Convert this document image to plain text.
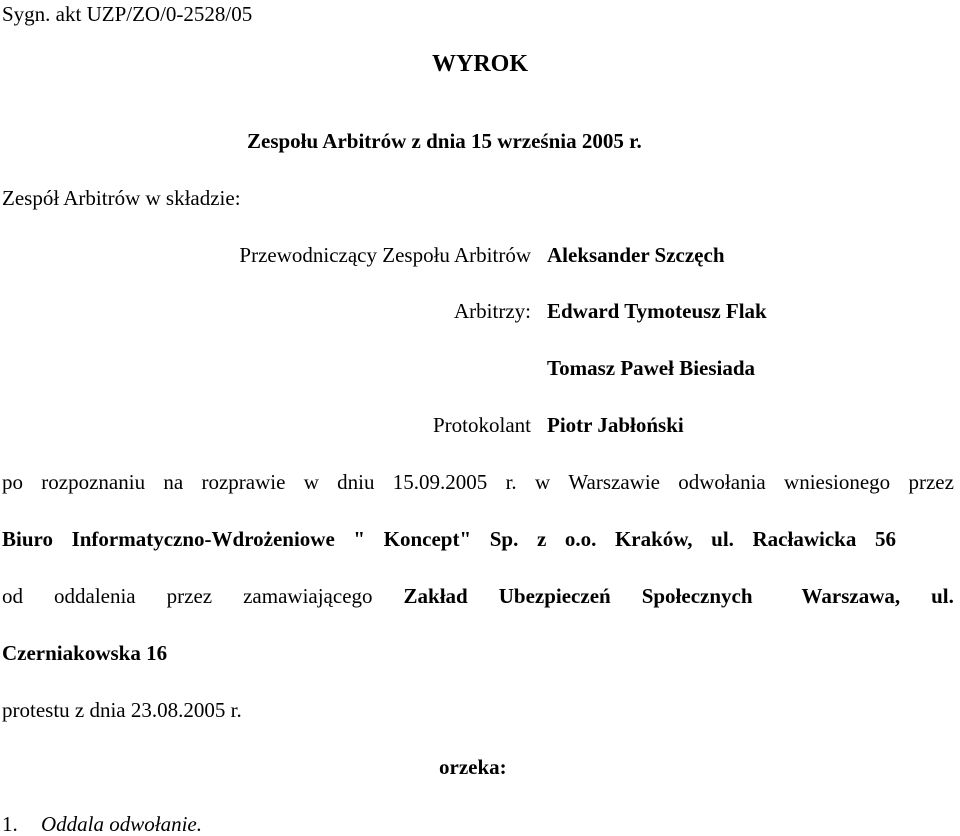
Sygn. akt UZP/ZO/0-2528/05
WYROK
Zespołu Arbitrów z dnia 15 września 2005 r.
Zespół Arbitrów w składzie:
Przewodniczący Zespołu Arbitrów Aleksander Szczęch
Arbitrzy: Edward Tymoteusz Flak
Tomasz Paweł Biesiada
Protokolant Piotr Jabłoński
po rozpoznaniu na rozprawie w dniu 15.09.2005 r. w Warszawie odwołania wniesionego przez
Biuro Informatyczno-Wdrożeniowe " Koncept" Sp. z o.o. Kraków, ul. Racławicka 56
od oddalenia przez zamawiającego Zakład Ubezpieczeń Społecznych Warszawa, ul.
Czerniakowska 16
protestu z dnia 23.08.2005 r.
orzeka:
1. Oddala odwołanie.
